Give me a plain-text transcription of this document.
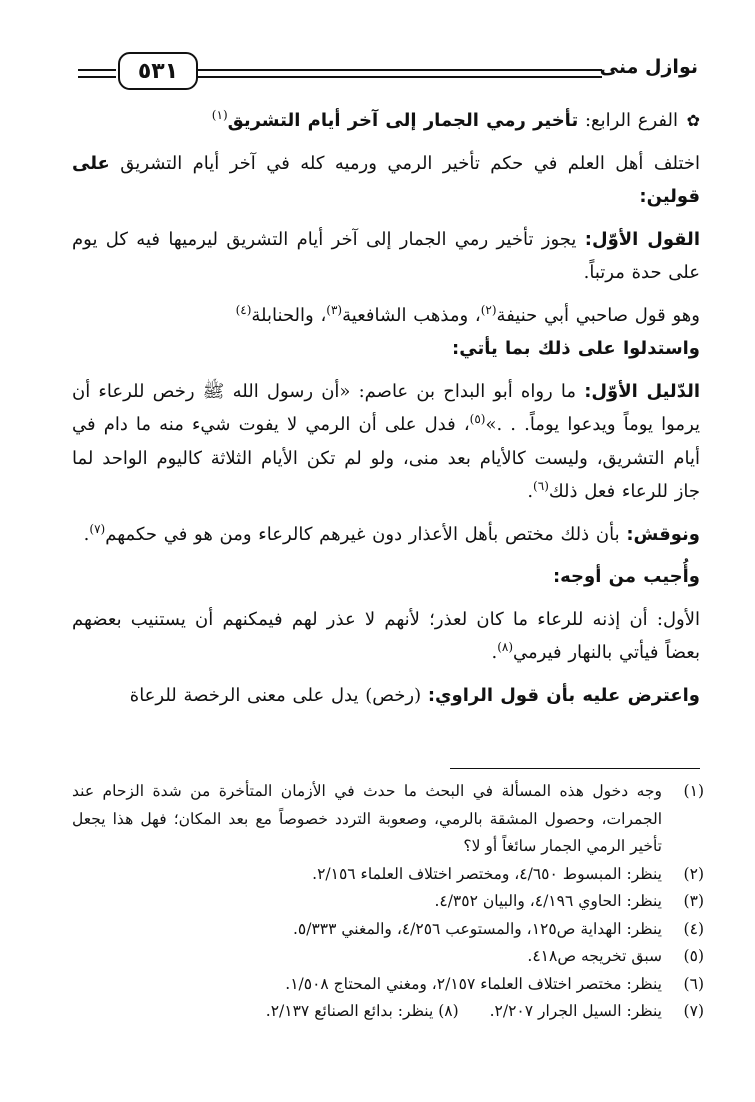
نوازل منى
٥٣١

✿الفرع الرابع: تأخير رمي الجمار إلى آخر أيام التشريق$^{(١)}$

اختلف أهل العلم في حكم تأخير الرمي ورميه كله في آخر أيام التشريق على قولين:

القول الأوّل: يجوز تأخير رمي الجمار إلى آخر أيام التشريق ليرميها فيه كل يوم على حدة مرتباً.

وهو قول صاحبي أبي حنيفة$^{(٢)}$، ومذهب الشافعية$^{(٣)}$، والحنابلة$^{(٤)}$

واستدلوا على ذلك بما يأتي:

الدّليل الأوّل: ما رواه أبو البداح بن عاصم: «أن رسول الله ﷺ رخص للرعاء أن يرموا يوماً ويدعوا يوماً. . .»$^{(٥)}$، فدل على أن الرمي لا يفوت شيء منه ما دام في أيام التشريق، وليست كالأيام بعد منى، ولو لم تكن الأيام الثلاثة كاليوم الواحد لما جاز للرعاء فعل ذلك$^{(٦)}$.

ونوقش: بأن ذلك مختص بأهل الأعذار دون غيرهم كالرعاء ومن هو في حكمهم$^{(٧)}$.

وأُجيب من أوجه:

الأول: أن إذنه للرعاء ما كان لعذر؛ لأنهم لا عذر لهم فيمكنهم أن يستنيب بعضهم بعضاً فيأتي بالنهار فيرمي$^{(٨)}$.

واعترض عليه بأن قول الراوي: (رخص) يدل على معنى الرخصة للرعاة

(١)
وجه دخول هذه المسألة في البحث ما حدث في الأزمان المتأخرة من شدة الزحام عند الجمرات، وحصول المشقة بالرمي، وصعوبة التردد خصوصاً مع بعد المكان؛ فهل هذا يجعل تأخير الرمي الجمار سائغاً أو لا؟
(٢)
ينظر: المبسوط ٤/٦٥٠، ومختصر اختلاف العلماء ٢/١٥٦.
(٣)
ينظر: الحاوي ٤/١٩٦، والبيان ٤/٣٥٢.
(٤)
ينظر: الهداية ص١٢٥، والمستوعب ٤/٢٥٦، والمغني ٥/٣٣٣.
(٥)
سبق تخريجه ص٤١٨.
(٦)
ينظر: مختصر اختلاف العلماء ٢/١٥٧، ومغني المحتاج ١/٥٠٨.
(٧)
ينظر: السيل الجرار ٢/٢٠٧. (٨) ينظر: بدائع الصنائع ٢/١٣٧.
